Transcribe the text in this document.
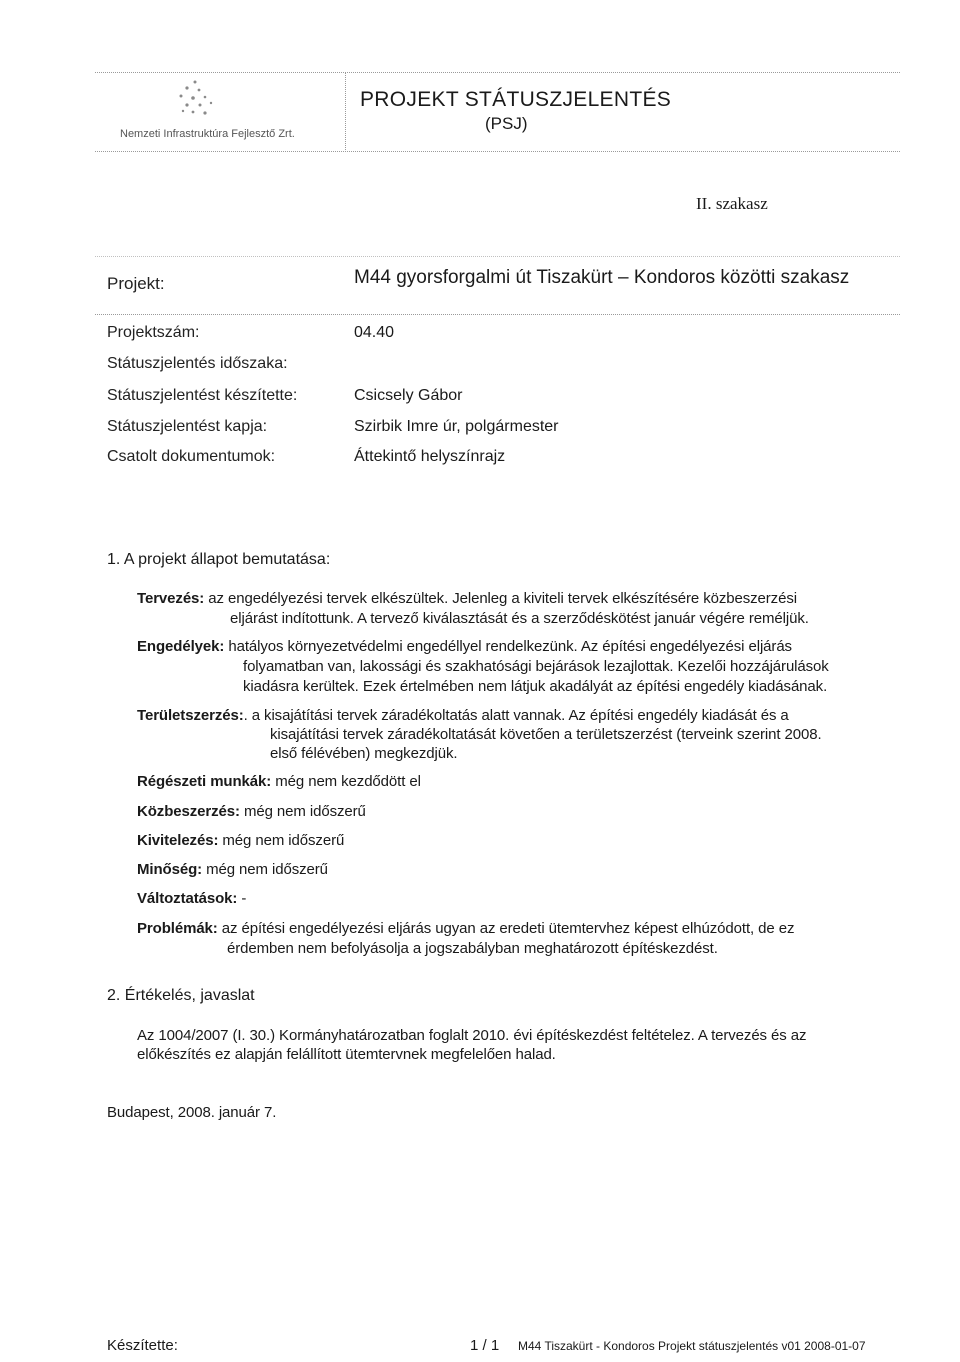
Nemzeti Infrastruktúra Fejlesztő Zrt.
PROJEKT STÁTUSZJELENTÉS
(PSJ)
II. szakasz
Projekt:	M44 gyorsforgalmi út Tiszakürt – Kondoros közötti szakasz
Projektszám:	04.40
Státuszjelentés időszaka:
Státuszjelentést készítette:	Csicsely Gábor
Státuszjelentést kapja:	Szirbik Imre úr, polgármester
Csatolt dokumentumok:	Áttekintő helyszínrajz
1. A projekt állapot bemutatása:
Tervezés: az engedélyezési tervek elkészültek. Jelenleg a kiviteli tervek elkészítésére közbeszerzési
eljárást indítottunk. A tervező kiválasztását és a szerződéskötést január végére reméljük.
Engedélyek: hatályos környezetvédelmi engedéllyel rendelkezünk. Az építési engedélyezési eljárás
folyamatban van, lakossági és szakhatósági bejárások lezajlottak. Kezelői hozzájárulások
kiadásra kerültek. Ezek értelmében nem látjuk akadályát az építési engedély kiadásának.
Területszerzés:. a kisajátítási tervek záradékoltatás alatt vannak. Az építési engedély kiadását és a
kisajátítási tervek záradékoltatását követően a területszerzést (terveink szerint 2008.
első félévében) megkezdjük.
Régészeti munkák: még nem kezdődött el
Közbeszerzés: még nem időszerű
Kivitelezés: még nem időszerű
Minőség: még nem időszerű
Változtatások: -
Problémák: az építési engedélyezési eljárás ugyan az eredeti ütemtervhez képest elhúzódott, de ez
érdemben nem befolyásolja a jogszabályban meghatározott építéskezdést.
2. Értékelés, javaslat
Az 1004/2007 (I. 30.) Kormányhatározatban foglalt 2010. évi építéskezdést feltételez. A tervezés és az
előkészítés ez alapján felállított ütemtervnek megfelelően halad.
Budapest, 2008. január 7.
Készítette:	1 / 1 M44 Tiszakürt - Kondoros Projekt státuszjelentés v01 2008-01-07
